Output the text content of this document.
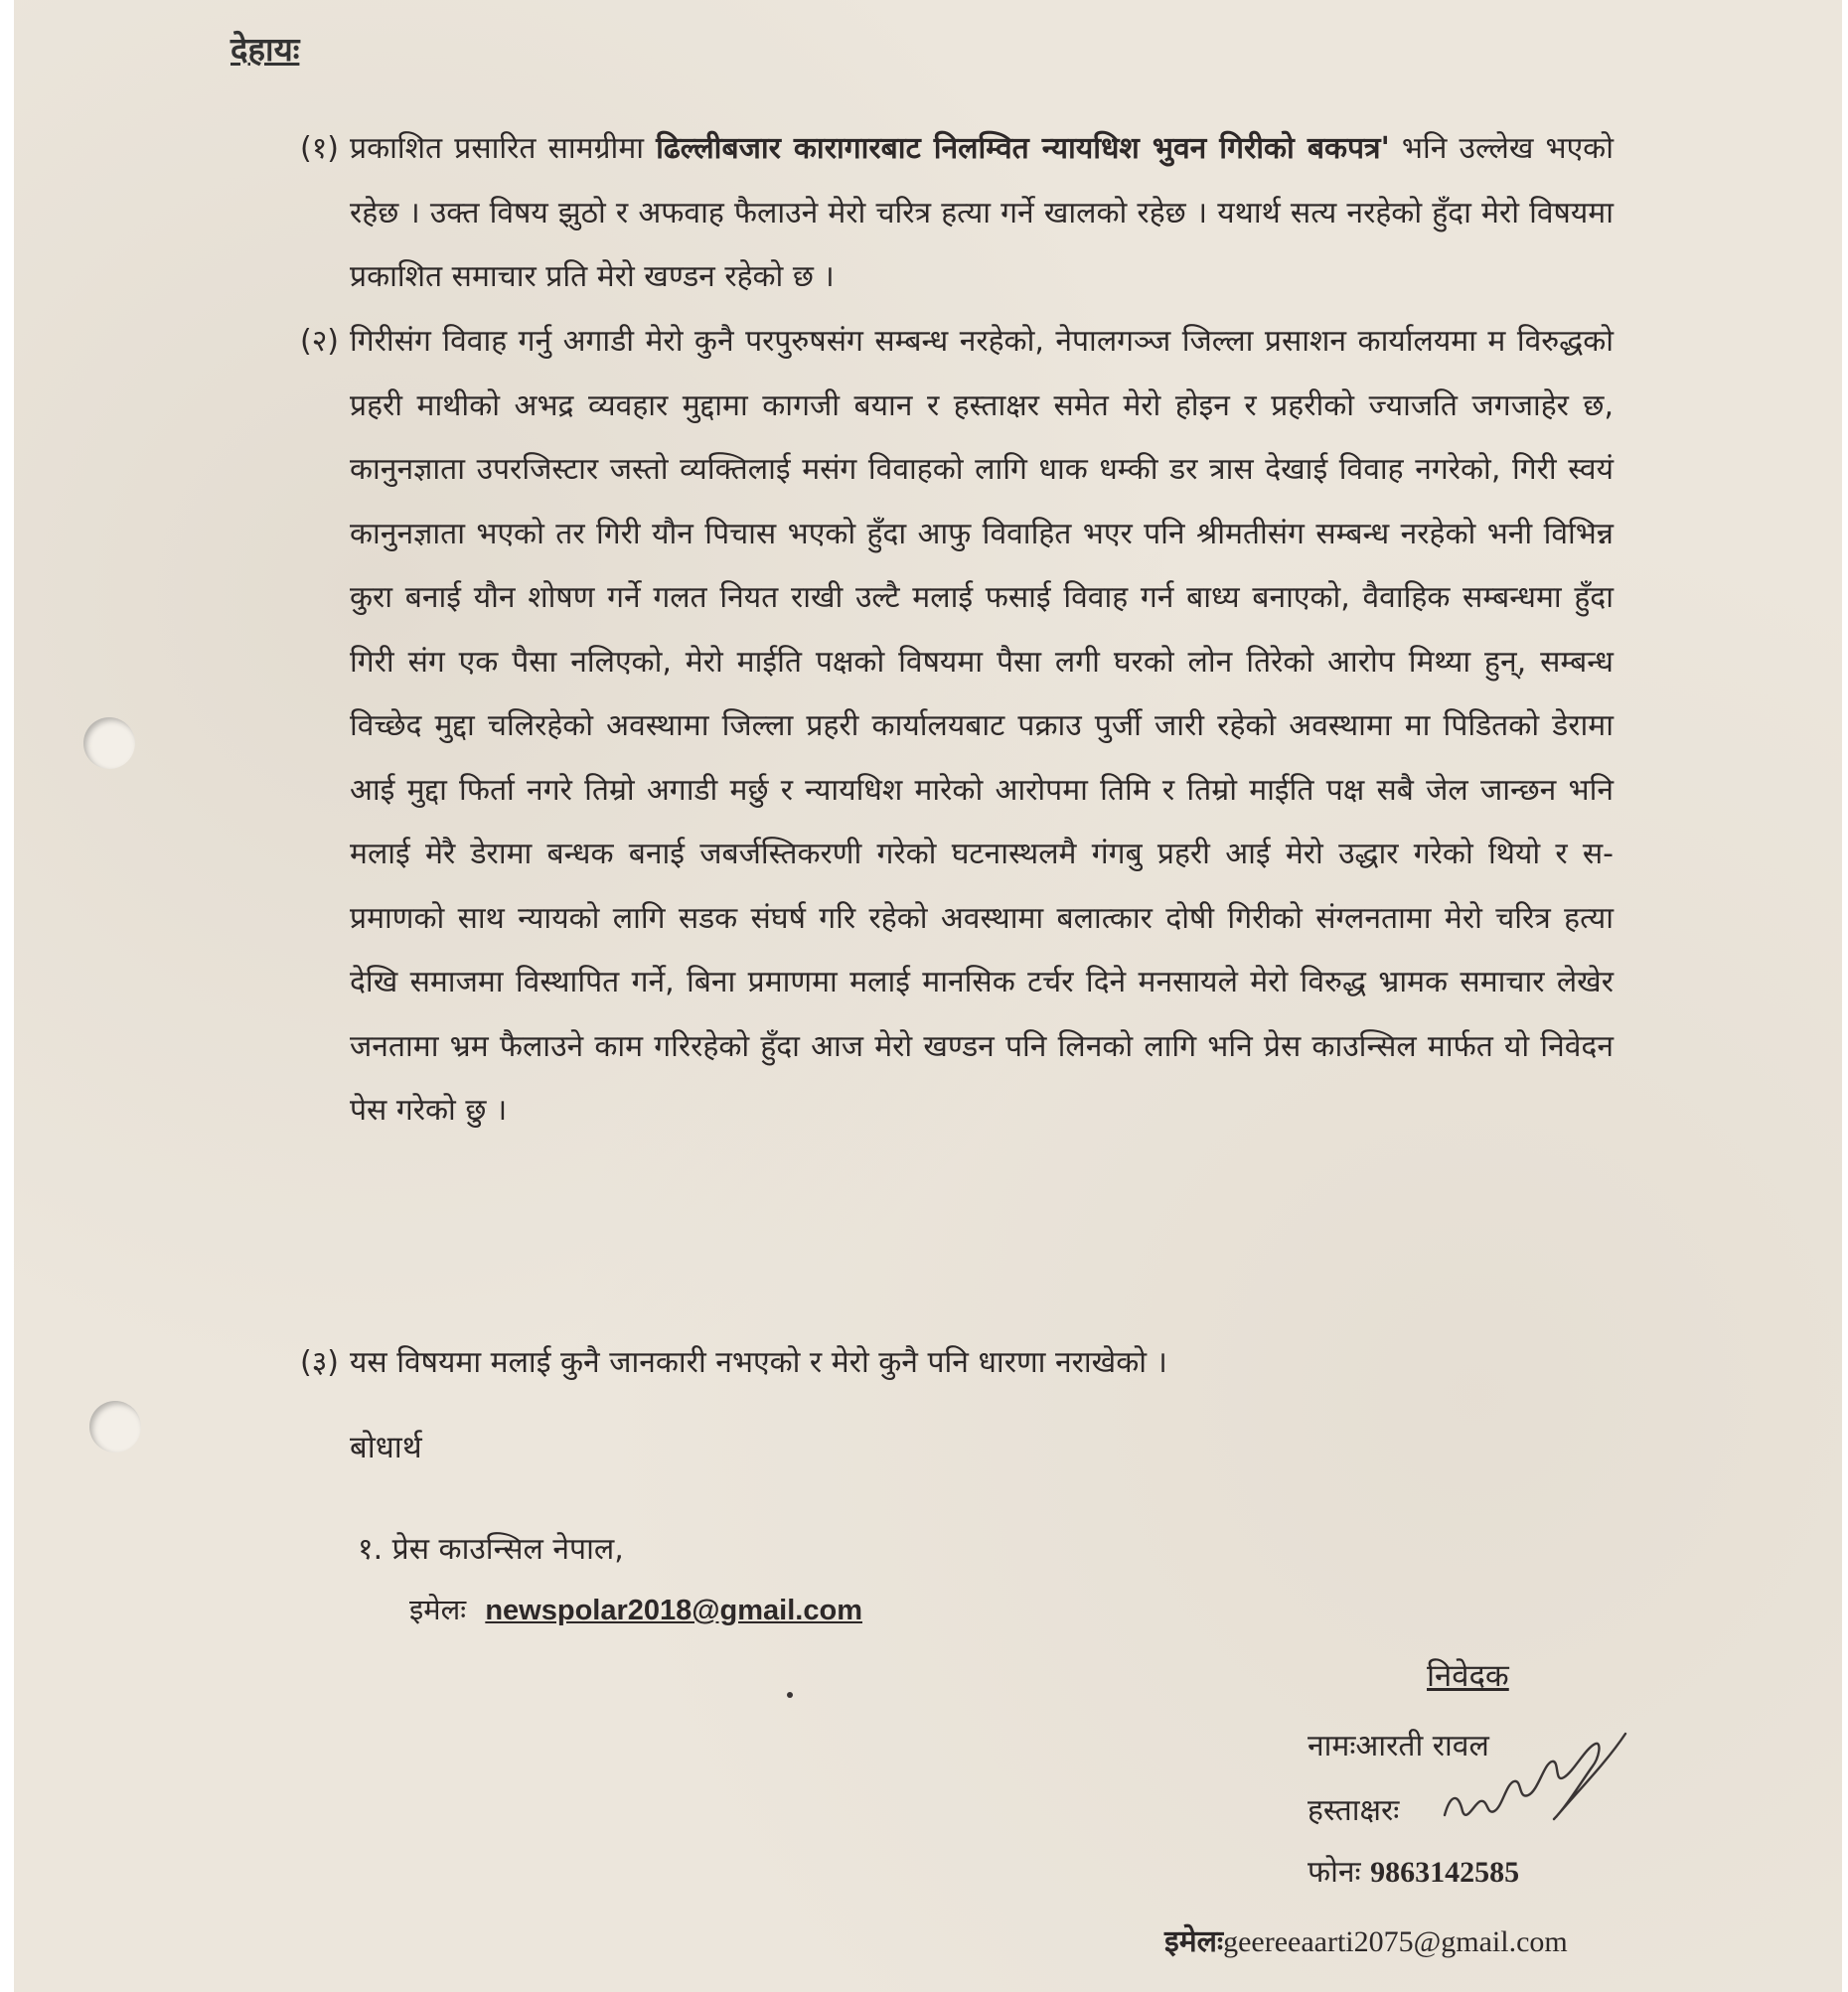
देहायः
(१) प्रकाशित प्रसारित सामग्रीमा ढिल्लीबजार कारागारबाट निलम्वित न्यायधिश भुवन गिरीको बकपत्र' भनि उल्लेख भएको रहेछ । उक्त विषय झुठो र अफवाह फैलाउने मेरो चरित्र हत्या गर्ने खालको रहेछ । यथार्थ सत्य नरहेको हुँदा मेरो विषयमा प्रकाशित समाचार प्रति मेरो खण्डन रहेको छ ।

(२) गिरीसंग विवाह गर्नु अगाडी मेरो कुनै परपुरुषसंग सम्बन्ध नरहेको, नेपालगञ्ज जिल्ला प्रसाशन कार्यालयमा म विरुद्धको प्रहरी माथीको अभद्र व्यवहार मुद्दामा कागजी बयान र हस्ताक्षर समेत मेरो होइन र प्रहरीको ज्याजति जगजाहेर छ, कानुनज्ञाता उपरजिस्टार जस्तो व्यक्तिलाई मसंग विवाहको लागि धाक धम्की डर त्रास देखाई विवाह नगरेको, गिरी स्वयं कानुनज्ञाता भएको तर गिरी यौन पिचास भएको हुँदा आफु विवाहित भएर पनि श्रीमतीसंग सम्बन्ध नरहेको भनी विभिन्न कुरा बनाई यौन शोषण गर्ने गलत नियत राखी उल्टै मलाई फसाई विवाह गर्न बाध्य बनाएको, वैवाहिक सम्बन्धमा हुँदा गिरी संग एक पैसा नलिएको, मेरो माईति पक्षको विषयमा पैसा लगी घरको लोन तिरेको आरोप मिथ्या हुन्, सम्बन्ध विच्छेद मुद्दा चलिरहेको अवस्थामा जिल्ला प्रहरी कार्यालयबाट पक्राउ पुर्जी जारी रहेको अवस्थामा मा पिडितको डेरामा आई मुद्दा फिर्ता नगरे तिम्रो अगाडी मर्छु र न्यायधिश मारेको आरोपमा तिमि र तिम्रो माईति पक्ष सबै जेल जान्छन भनि मलाई मेरै डेरामा बन्धक बनाई जबर्जस्तिकरणी गरेको घटनास्थलमै गंगबु प्रहरी आई मेरो उद्धार गरेको थियो र स-प्रमाणको साथ न्यायको लागि सडक संघर्ष गरि रहेको अवस्थामा बलात्कार दोषी गिरीको संग्लनतामा मेरो चरित्र हत्या देखि समाजमा विस्थापित गर्ने, बिना प्रमाणमा मलाई मानसिक टर्चर दिने मनसायले मेरो विरुद्ध भ्रामक समाचार लेखेर जनतामा भ्रम फैलाउने काम गरिरहेको हुँदा आज मेरो खण्डन पनि लिनको लागि भनि प्रेस काउन्सिल मार्फत यो निवेदन पेस गरेको छु ।

(३) यस विषयमा मलाई कुनै जानकारी नभएको र मेरो कुनै पनि धारणा नराखेको ।

बोधार्थ
१. प्रेस काउन्सिल नेपाल,
इमेलः newspolar2018@gmail.com
निवेदक
नामःआरती रावल
हस्ताक्षरः
फोनः 9863142585
इमेलःgeereeaarti2075@gmail.com
